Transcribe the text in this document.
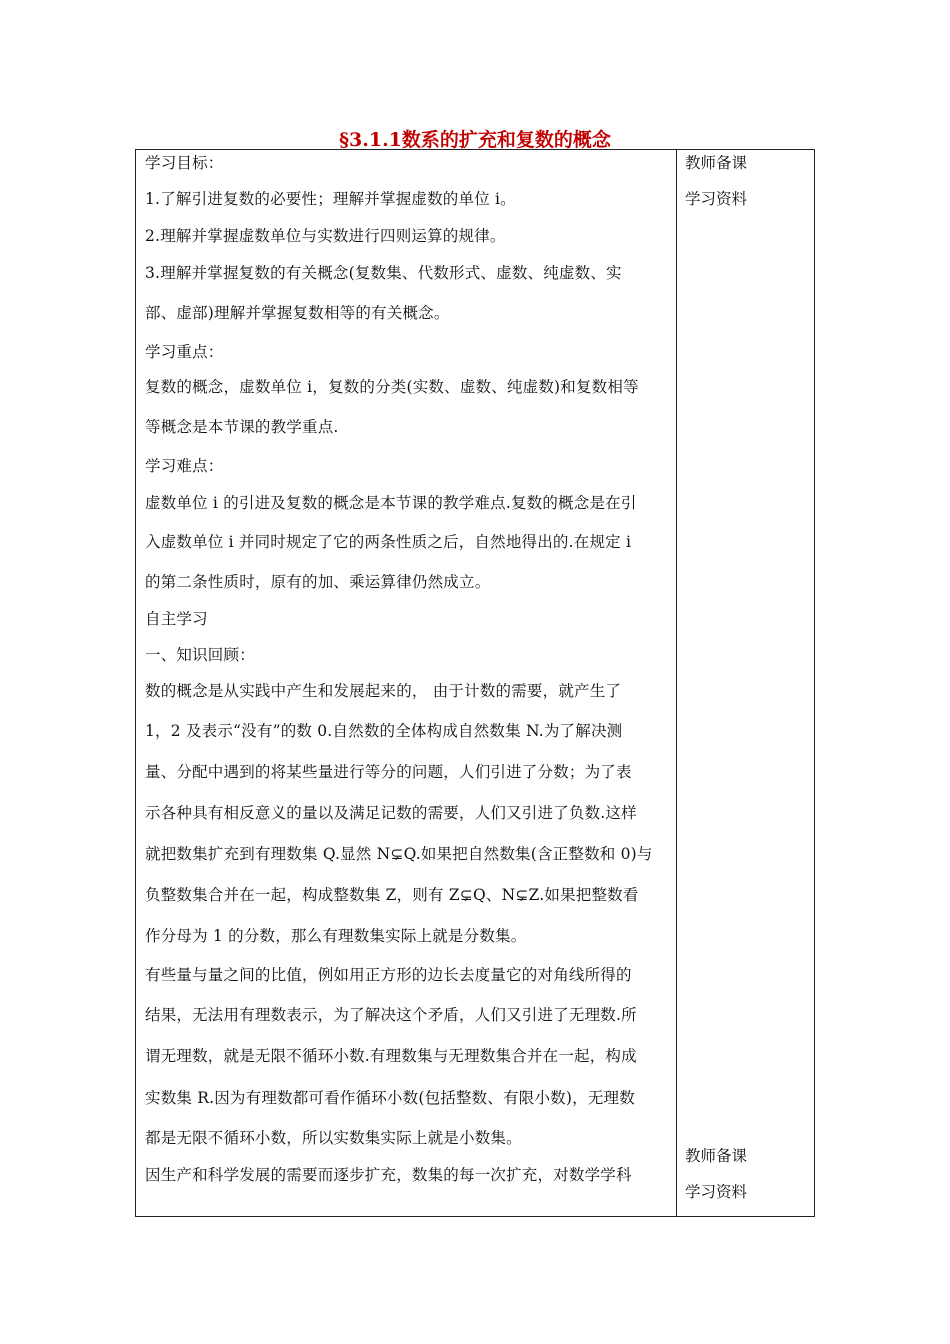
§3.1.1数系的扩充和复数的概念
教师备课
学习资料
教师备课
学习资料
学习目标：
1.了解引进复数的必要性；理解并掌握虚数的单位 i。
2.理解并掌握虚数单位与实数进行四则运算的规律。
3.理解并掌握复数的有关概念(复数集、代数形式、虚数、纯虚数、实
部、虚部)理解并掌握复数相等的有关概念。
学习重点：
复数的概念，虚数单位 i，复数的分类(实数、虚数、纯虚数)和复数相等
等概念是本节课的教学重点.
学习难点：
虚数单位 i 的引进及复数的概念是本节课的教学难点.复数的概念是在引
入虚数单位 i 并同时规定了它的两条性质之后，自然地得出的.在规定 i
的第二条性质时，原有的加、乘运算律仍然成立。
自主学习
一、知识回顾：
数的概念是从实践中产生和发展起来的， 由于计数的需要，就产生了
1，2 及表示“没有”的数 0.自然数的全体构成自然数集 N.为了解决测
量、分配中遇到的将某些量进行等分的问题，人们引进了分数；为了表
示各种具有相反意义的量以及满足记数的需要，人们又引进了负数.这样
就把数集扩充到有理数集 Q.显然 N⊊Q.如果把自然数集(含正整数和 0)与
负整数集合并在一起，构成整数集 Z，则有 Z⊊Q、N⊊Z.如果把整数看
作分母为 1 的分数，那么有理数集实际上就是分数集。
有些量与量之间的比值，例如用正方形的边长去度量它的对角线所得的
结果，无法用有理数表示，为了解决这个矛盾，人们又引进了无理数.所
谓无理数，就是无限不循环小数.有理数集与无理数集合并在一起，构成
实数集 R.因为有理数都可看作循环小数(包括整数、有限小数)，无理数
都是无限不循环小数，所以实数集实际上就是小数集。
因生产和科学发展的需要而逐步扩充，数集的每一次扩充，对数学学科
